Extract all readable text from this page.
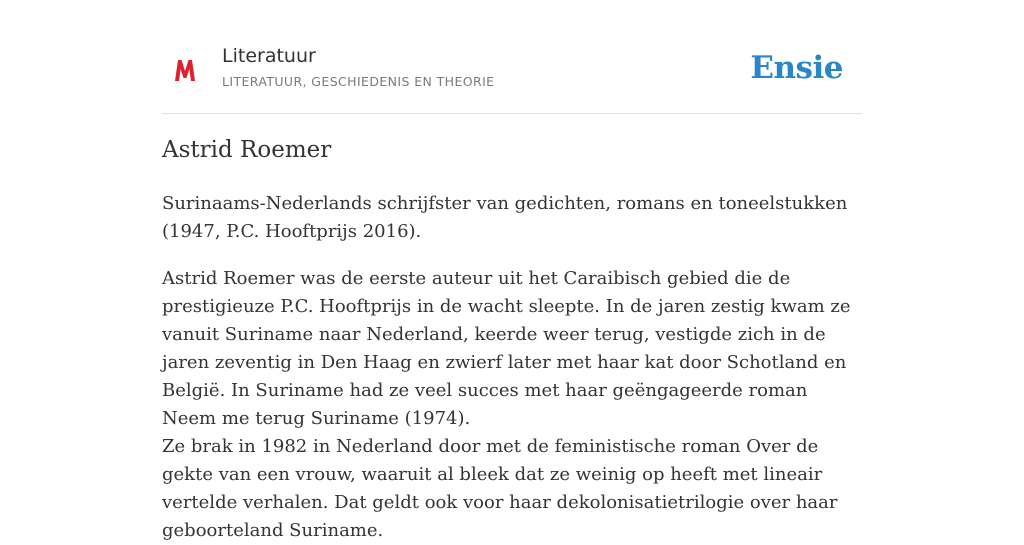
Literatuur
LITERATUUR, GESCHIEDENIS EN THEORIE	Ensie
Astrid Roemer

Surinaams-Nederlands schrijfster van gedichten, romans en toneelstukken (1947, P.C. Hooftprijs 2016).

Astrid Roemer was de eerste auteur uit het Caraibisch gebied die de prestigieuze P.C. Hooftprijs in de wacht sleepte. In de jaren zestig kwam ze vanuit Suriname naar Nederland, keerde weer terug, vestigde zich in de jaren zeventig in Den Haag en zwierf later met haar kat door Schotland en België. In Suriname had ze veel succes met haar geëngageerde roman Neem me terug Suriname (1974).

Ze brak in 1982 in Nederland door met de feministische roman Over de gekte van een vrouw, waaruit al bleek dat ze weinig op heeft met lineair vertelde verhalen. Dat geldt ook voor haar dekolonisatietrilogie over haar geboorteland Suriname.
